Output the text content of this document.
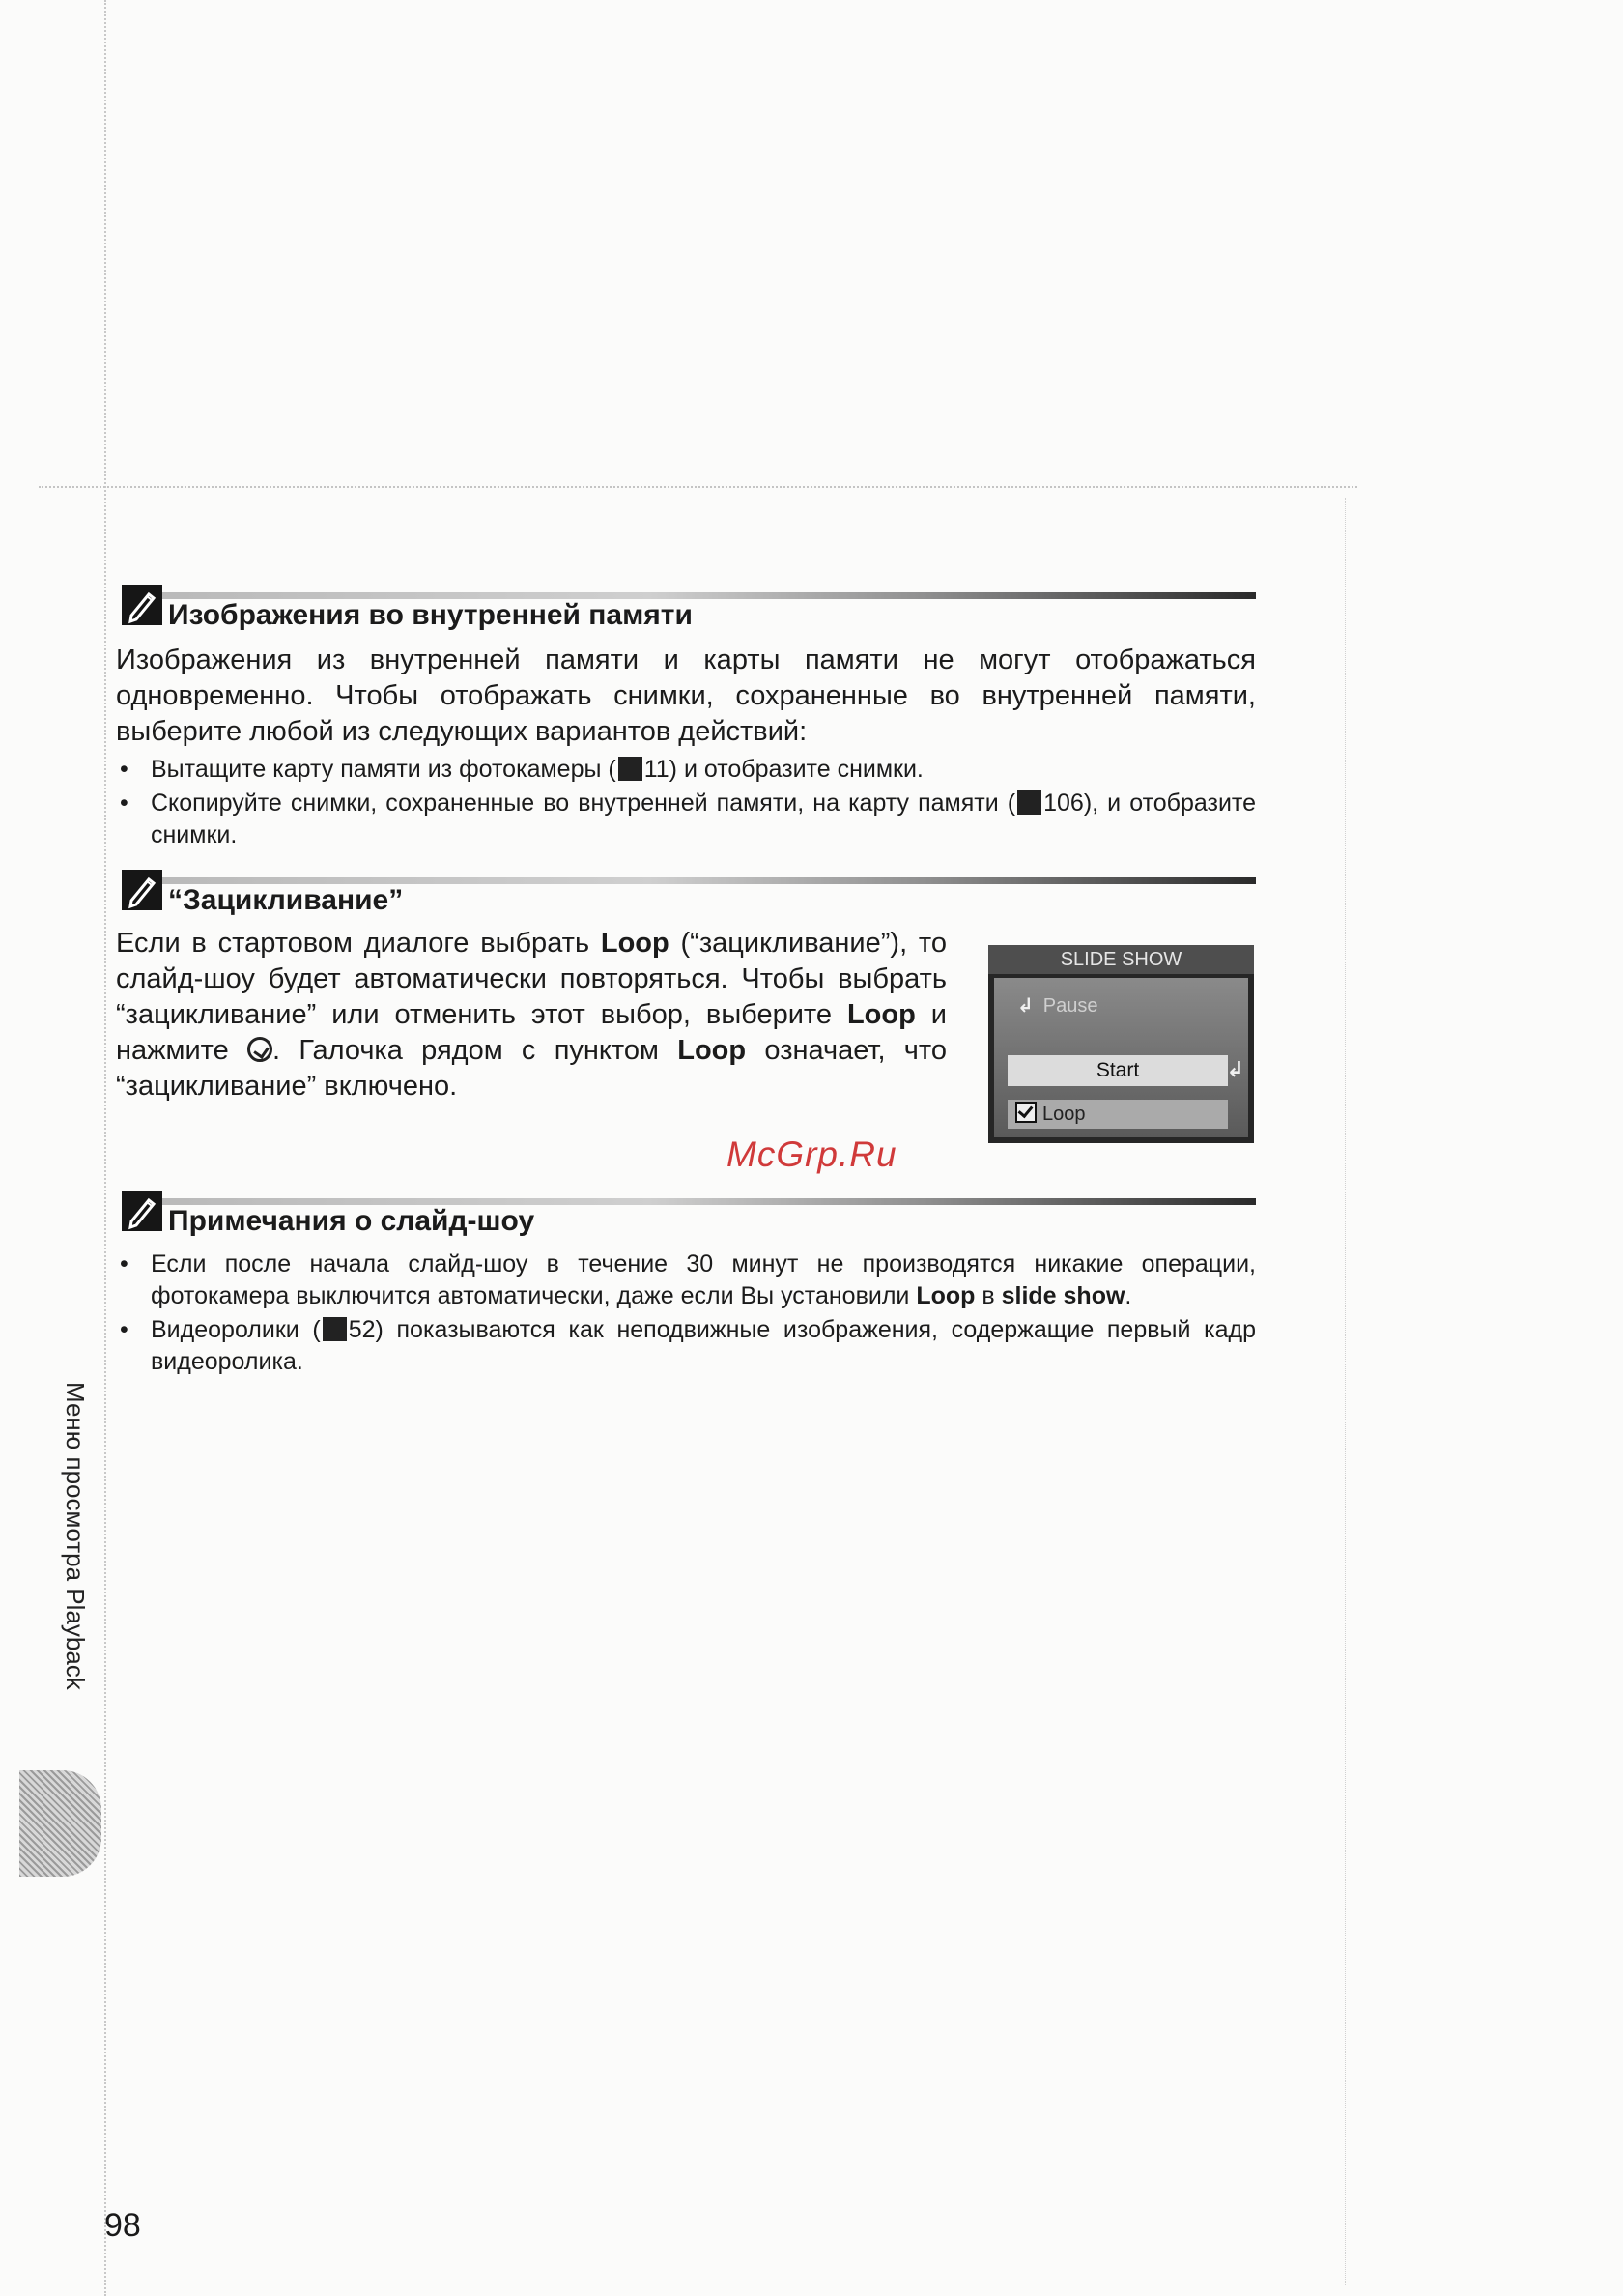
Изображения во внутренней памяти

Изображения из внутренней памяти и карты памяти не могут отображаться одновременно. Чтобы отображать снимки, сохраненные во внутренней памяти, выберите любой из следующих вариантов действий:

• Вытащите карту памяти из фотокамеры ( 11) и отобразите снимки.
• Скопируйте снимки, сохраненные во внутренней памяти, на карту памяти ( 106), и отобразите снимки.
“Зацикливание”

Если в стартовом диалоге выбрать Loop (“зацикливание”), то слайд-шоу будет автоматически повторяться. Чтобы выбрать “зацикливание” или отменить этот выбор, выберите Loop и нажмите . Галочка рядом с пунктом Loop означает, что “зацикливание” включено.

SLIDE SHOW
↲ Pause
Start	↲
Loop
McGrp.Ru
Примечания о слайд-шоу
• Если после начала слайд-шоу в течение 30 минут не производятся никакие операции, фотокамера выключится автоматически, даже если Вы установили Loop в slide show.
• Видеоролики ( 52) показываются как неподвижные изображения, содержащие первый кадр видеоролика.
Меню просмотра Playback
98
